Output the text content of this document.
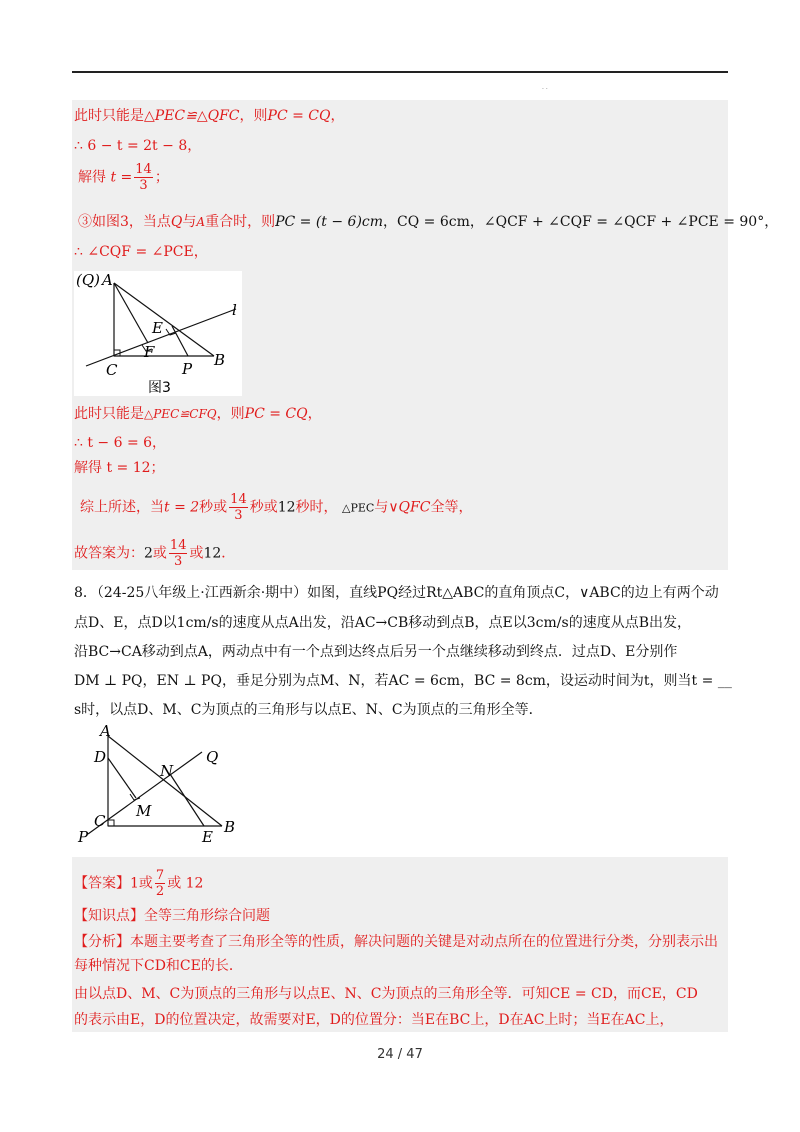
. .
此时只能是△PEC≌△QFC，则PC = CQ，
∴ 6 − t = 2t − 8，
解得 $t = \frac{14}{3}$ ；
③如图3，当点Q与A重合时，则PC = (t − 6)cm，CQ = 6cm，∠QCF + ∠CQF = ∠QCF + ∠PCE = 90°，
∴ ∠CQF = ∠PCE，
(Q) A
l
E
F	B
C	P
图3
此时只能是△PEC≌CFQ，则PC = CQ，
∴ t − 6 = 6，
解得 t = 12；
综上所述，当t = 2秒或 $\frac{14}{3}$ 秒或12秒时， △PEC与∨QFC全等，
故答案为：2或 $\frac{14}{3}$ 或12．
8．（24-25八年级上·江西新余·期中）如图，直线PQ经过Rt△ABC的直角顶点C，∨ABC的边上有两个动
点D、E，点D以1cm/s的速度从点A出发，沿AC→CB移动到点B，点E以3cm/s的速度从点B出发，
沿BC→CA移动到点A，两动点中有一个点到达终点后另一个点继续移动到终点．过点D、E分别作
DM ⊥ PQ，EN ⊥ PQ，垂足分别为点M、N，若AC = 6cm，BC = 8cm，设运动时间为t，则当t = __
s时，以点D、M、C为顶点的三角形与以点E、N、C为顶点的三角形全等．
A
D
N
Q
M
C
P	E
B
【答案】1或 $\frac{7}{2}$ 或 12
【知识点】全等三角形综合问题
【分析】本题主要考查了三角形全等的性质，解决问题的关键是对动点所在的位置进行分类，分别表示出
每种情况下CD和CE的长．
由以点D、M、C为顶点的三角形与以点E、N、C为顶点的三角形全等．可知CE = CD，而CE，CD
的表示由E，D的位置决定，故需要对E，D的位置分：当E在BC上，D在AC上时；当E在AC上，
24 / 47
